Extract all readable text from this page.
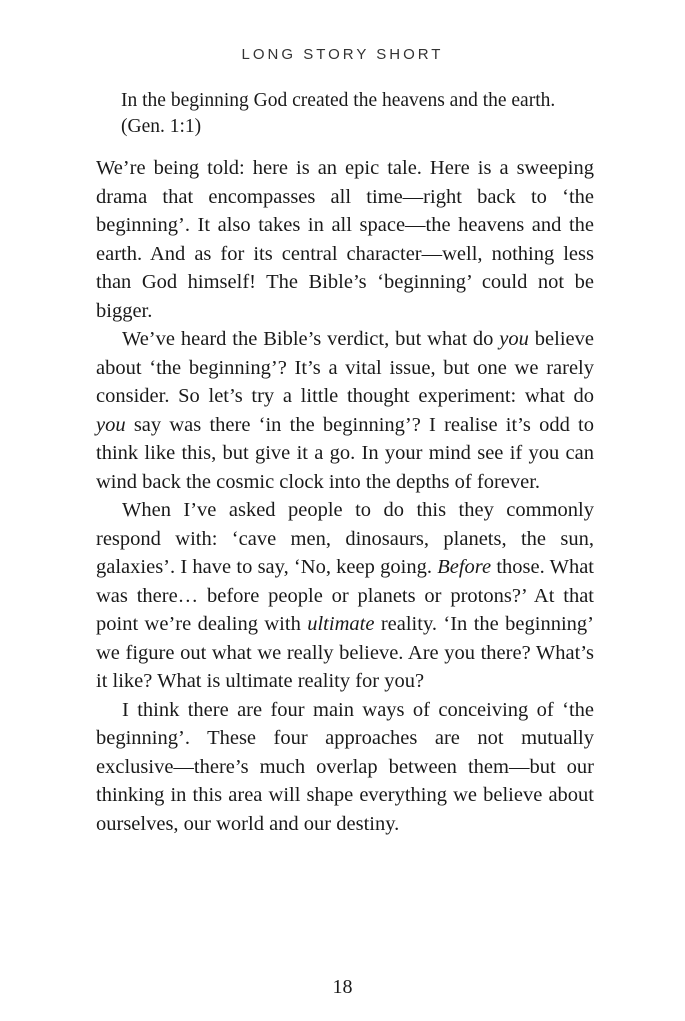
LONG STORY SHORT
In the beginning God created the heavens and the earth. (Gen. 1:1)

We’re being told: here is an epic tale. Here is a sweeping drama that encompasses all time—right back to ‘the beginning’. It also takes in all space—the heavens and the earth. And as for its central character—well, nothing less than God himself! The Bible’s ‘beginning’ could not be bigger.

We’ve heard the Bible’s verdict, but what do you believe about ‘the beginning’? It’s a vital issue, but one we rarely consider. So let’s try a little thought experiment: what do you say was there ‘in the beginning’? I realise it’s odd to think like this, but give it a go. In your mind see if you can wind back the cosmic clock into the depths of forever.

When I’ve asked people to do this they commonly respond with: ‘cave men, dinosaurs, planets, the sun, galaxies’. I have to say, ‘No, keep going. Before those. What was there… before people or planets or protons?’ At that point we’re dealing with ultimate reality. ‘In the beginning’ we figure out what we really believe. Are you there? What’s it like? What is ultimate reality for you?

I think there are four main ways of conceiving of ‘the beginning’. These four approaches are not mutually exclusive—there’s much overlap between them—but our thinking in this area will shape everything we believe about ourselves, our world and our destiny.

18
